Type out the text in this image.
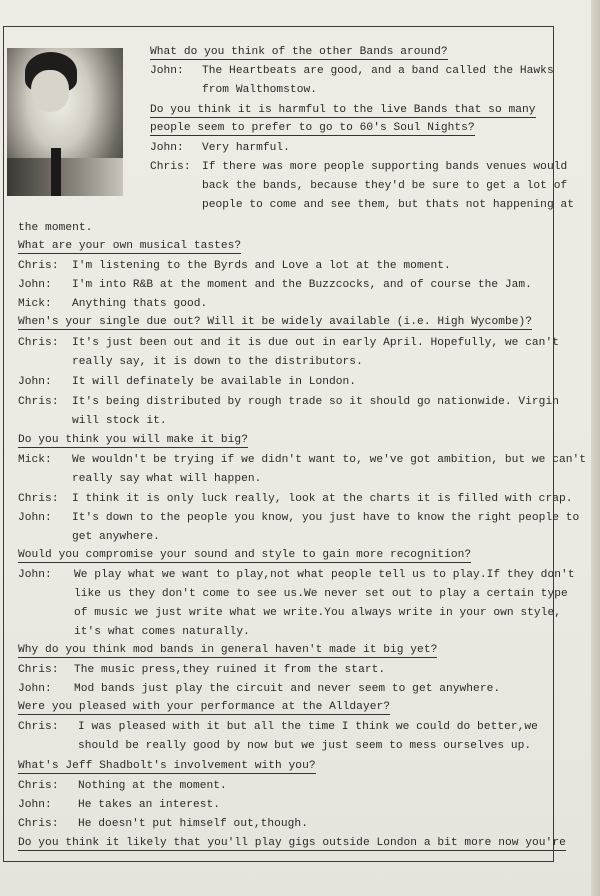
What do you think of the other Bands around?
John: The Heartbeats are good, and a band called the Hawks
from Walthomstow.
Do you think it is harmful to the live Bands that so many
people seem to prefer to go to 60's Soul Nights?
John: Very harmful.
Chris: If there was more people supporting bands venues would
back the bands, because they'd be sure to get a lot of
people to come and see them, but thats not happening at
the moment.
What are your own musical tastes?
Chris: I'm listening to the Byrds and Love a lot at the moment.
John: I'm into R&B at the moment and the Buzzcocks, and of course the Jam.
Mick: Anything thats good.
When's your single due out? Will it be widely available (i.e. High Wycombe)?
Chris: It's just been out and it is due out in early April. Hopefully, we can't
really say, it is down to the distributors.
John: It will definately be available in London.
Chris: It's being distributed by rough trade so it should go nationwide. Virgin
will stock it.
Do you think you will make it big?
Mick: We wouldn't be trying if we didn't want to, we've got ambition, but we can't
really say what will happen.
Chris: I think it is only luck really, look at the charts it is filled with crap.
John: It's down to the people you know, you just have to know the right people to
get anywhere.
Would you compromise your sound and style to gain more recognition?
John: We play what we want to play,not what people tell us to play.If they don't
like us they don't come to see us.We never set out to play a certain type
of music we just write what we write.You always write in your own style,
it's what comes naturally.
Why do you think mod bands in general haven't made it big yet?
Chris: The music press,they ruined it from the start.
John: Mod bands just play the circuit and never seem to get anywhere.
Were you pleased with your performance at the Alldayer?
Chris: I was pleased with it but all the time I think we could do better,we
should be really good by now but we just seem to mess ourselves up.
What's Jeff Shadbolt's involvement with you?
Chris: Nothing at the moment.
John: He takes an interest.
Chris: He doesn't put himself out,though.
Do you think it likely that you'll play gigs outside London a bit more now you're
